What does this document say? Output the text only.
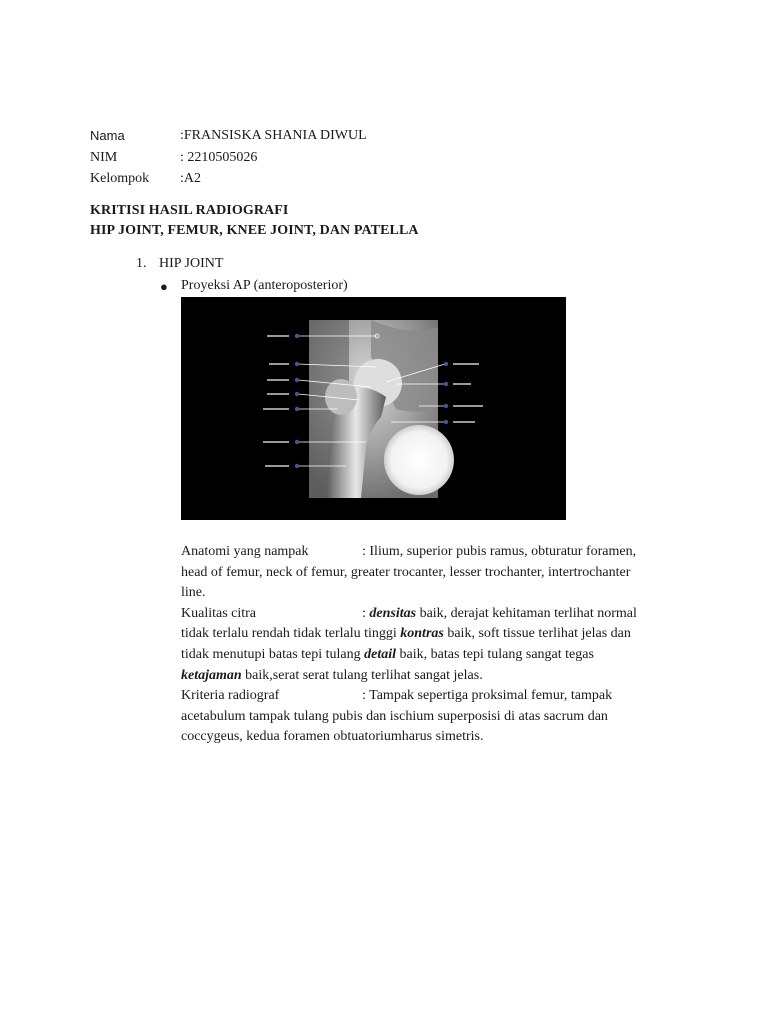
Nama	:FRANSISKA SHANIA DIWUL
NIM	: 2210505026
Kelompok :A2
KRITISI HASIL RADIOGRAFI
HIP JOINT, FEMUR, KNEE JOINT, DAN PATELLA
1. HIP JOINT
● Proyeksi AP (anteroposterior)
Anatomi yang nampak	: Ilium, superior pubis ramus, obturatur foramen,
head of femur, neck of femur, greater trocanter, lesser trochanter, intertrochanter
line.
Kualitas citra	: densitas baik, derajat kehitaman terlihat normal
tidak terlalu rendah tidak terlalu tinggi kontras baik, soft tissue terlihat jelas dan
tidak menutupi batas tepi tulang detail baik, batas tepi tulang sangat tegas
ketajaman baik,serat serat tulang terlihat sangat jelas.
Kriteria radiograf	: Tampak sepertiga proksimal femur, tampak
acetabulum tampak tulang pubis dan ischium superposisi di atas sacrum dan
coccygeus, kedua foramen obtuatoriumharus simetris.
